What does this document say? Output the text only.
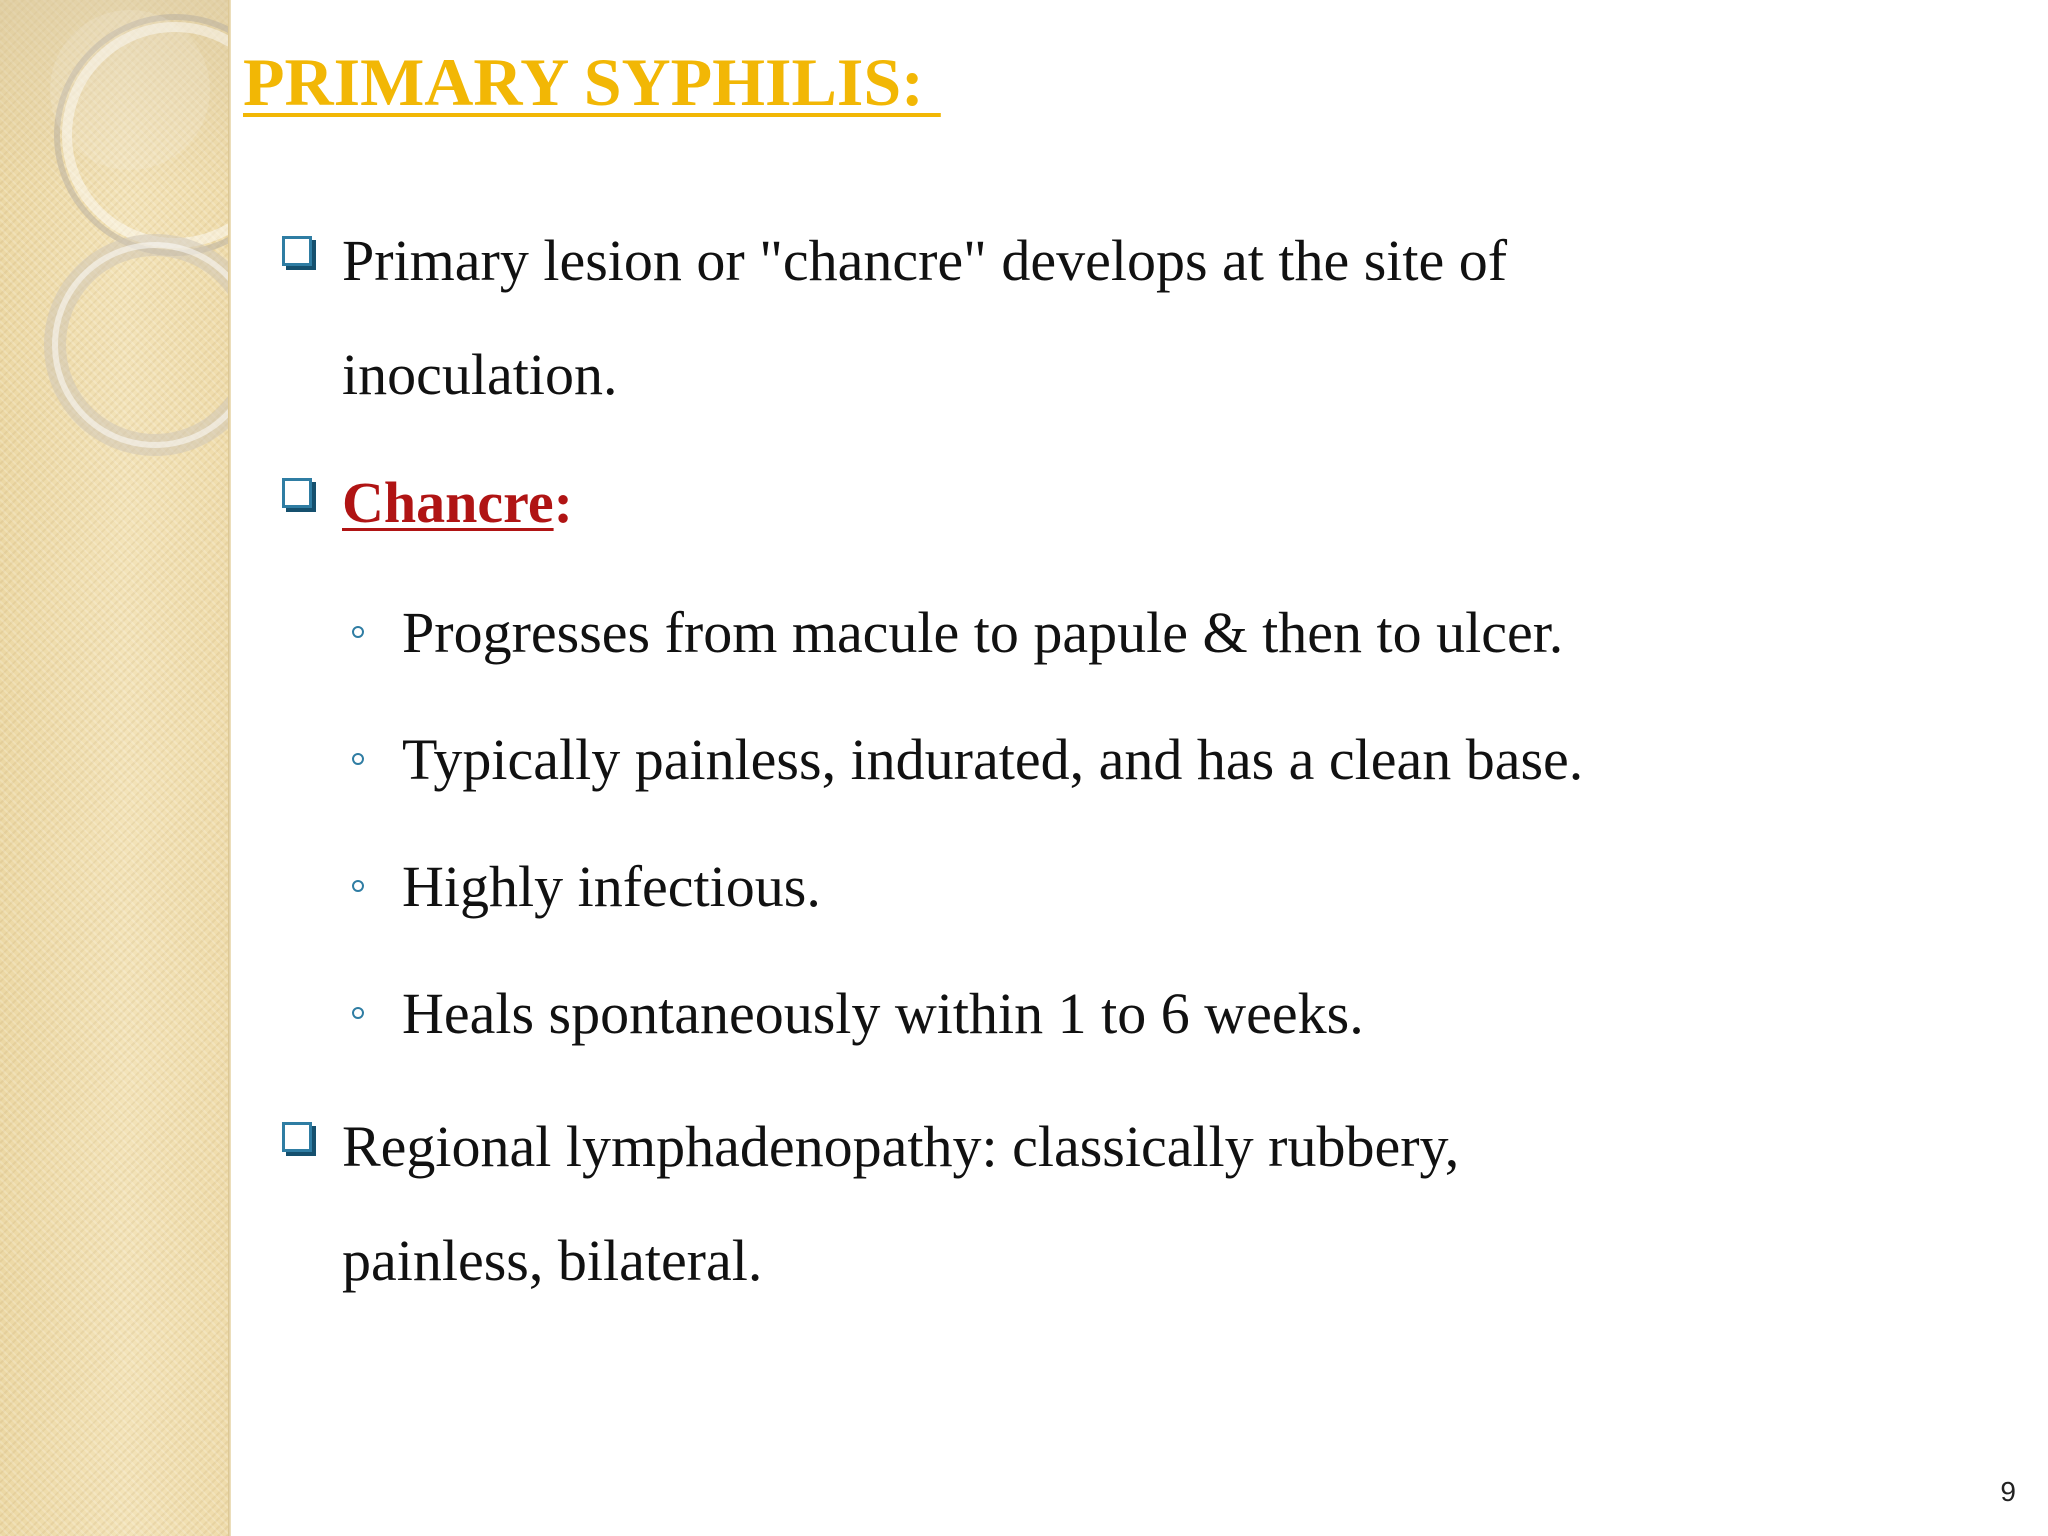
PRIMARY SYPHILIS:
Primary lesion or "chancre" develops at the site of
inoculation.
Chancre:
Progresses from macule to papule & then to ulcer.
Typically painless, indurated, and has a clean base.
Highly infectious.
Heals spontaneously within 1 to 6 weeks.
Regional lymphadenopathy: classically rubbery,
painless, bilateral.
9
